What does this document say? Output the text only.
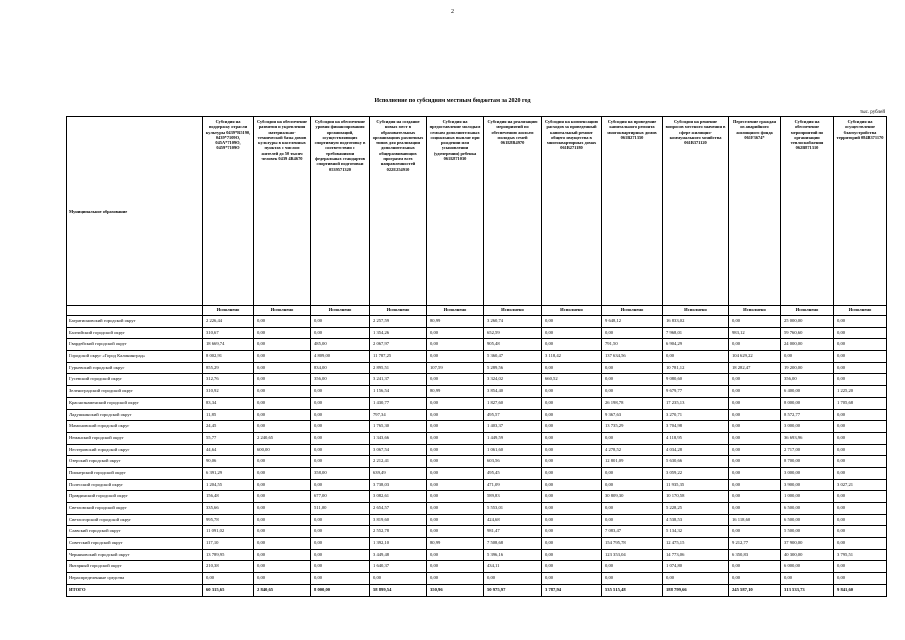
2
Исполнение по субсидиям местным бюджетам за 2020 год
тыс. рублей
Муниципальное образование	Субсидия на поддержку отрасли культуры 0439*R5190, 0439*7109О, 045А*7109О, 0459*7109О	Субсидия на обеспечение развития и укрепления материально-технической базы домов культуры в населенных пунктах с числом жителей до 50 тысяч человек 0439 4R4670	Субсидия на обеспечение уровня финансирования организаций, осуществляющих спортивную подготовку в соответствии с требованиями федеральных стандартов спортивной подготовки 0539571320	Субсидия на создание новых мест в образовательных организациях различных типов для реализации дополнительных общеразвивающих программ всех направленностей 022Е254910	Субсидия на предоставление молодым семьям дополнительных социальных выплат при рождении или усыновлении (удочерении) ребенка 061Б871030	Субсидия на реализацию мероприятий по обеспечению жильем молодых семей 061Б8R4970	Субсидия на компенсацию расходов за проведенный капитальный ремонт общего имущества в многоквартирных домах 061В271180	Субсидия на проведение капитального ремонта многоквартирных домов 061В271350	Субсидия на решение вопросов местного значения в сфере жилищно-коммунального хозяйства 061В371120	Переселение граждан из аварийного жилищного фонда 061F3674*	Субсидия на обеспечение мероприятий по организации теплоснабжения 062В871310	Субсидия на осуществление благоустройства территорий 084В371170
	Исполнено	Исполнено	Исполнено	Исполнено	Исполнено	Исполнено	Исполнено	Исполнено	Исполнено	Исполнено	Исполнено	Исполнено
Багратионовский городской округ	2 226,44	0,00	0,00	2 257,59	80,99	3 260,74	0,00	9 648,12	16 833,02	0,00	25 000,00	0,00
Балтийский городской округ	310,67	0,00	0,00	1 354,26	0,00	652,59	0,00	0,00	7 968,01	983,12	59 760,60	0,00
Гвардейский городской округ	18 669,74	0,00	485,00	2 067,97	0,00	905,48	0,00	791,50	6 904,29	0,00	24 000,00	0,00
Городской округ «Город Калининград»	8 002,91	0,00	4 809,00	11 787,25	0,00	5 360,47	3 118,42	137 634,56	0,00	104 629,22	0,00	0,00
Гурьевский городской округ	855,29	0,00	834,00	2 895,51	107,59	5 289,56	0,00	0,00	10 781,12	18 282,47	19 200,00	0,00
Гусевский городской округ	312,76	0,00	356,00	3 241,37	0,00	3 324,02	660,52	0,00	9 080,60	0,00	356,00	0,00
Зеленоградский городской округ	310,92	0,00	0,00	1 156,54	80,99	3 854,40	0,00	0,00	9 679,77	0,00	6 400,00	1 225,20
Краснознаменский городской округ	83,34	0,00	0,00	1 430,77	0,00	1 827,60	0,00	26 198,78	17 235,13	0,00	8 000,00	1 705,68
Ладушкинский городской округ	11,85	0,00	0,00	797,34	0,00	495,57	0,00	9 367,63	3 270,71	0,00	8 572,77	0,00
Мамоновский городской округ	24,45	0,00	0,00	1 765,30	0,00	1 403,37	0,00	13 735,29	3 704,98	0,00	3 000,00	0,00
Неманский городской округ	55,77	2 240,65	0,00	1 343,66	0,00	1 449,59	0,00	0,00	4 118,95	0,00	36 693,96	0,00
Нестеровский городской округ	44,64	600,00	0,00	3 067,54	0,00	1 061,60	0,00	4 278,52	4 034,28	0,00	2 717,00	0,00
Озерский городской округ	90,06	0,00	0,00	2 212,41	0,00	603,56	0,00	12 801,09	5 630,66	0,00	8 700,00	0,00
Пионерский городской округ	6 391,29	0,00	358,00	639,49	0,00	495,45	0,00	0,00	3 059,22	0,00	3 000,00	0,00
Полесский городской округ	1 204,55	0,00	0,00	3 738,03	0,00	471,09	0,00	0,00	11 935,35	0,00	3 900,00	3 027,21
Правдинский городской округ	156,48	0,00	677,00	3 082,61	0,00	589,83	0,00	30 809,30	10 170,58	0,00	1 000,00	0,00
Светловский городской округ	335,66	0,00	511,00	2 654,57	0,00	5 553,01	0,00	0,00	5 228,25	0,00	6 500,00	0,00
Светлогорский городской округ	995,78	0,00	0,00	3 819,60	0,00	424,68	0,00	0,00	4 538,53	16 118,60	6 500,00	0,00
Славский городской округ	11 091,02	0,00	0,00	2 552,78	0,00	981,47	0,00	7 083,47	5 134,32	0,00	5 500,00	0,00
Советский городской округ	117,10	0,00	0,00	1 392,10	80,99	7 508,68	0,00	154 795,78	12 475,15	9 212,77	37 900,00	0,00
Черняховский городской округ	13 789,95	0,00	0,00	3 449,48	0,00	5 396,16	0,00	123 353,04	14 773,06	6 350,83	40 300,00	3 795,51
Янтарный городской округ	210,38	0,00	0,00	1 640,37	0,00	434,11	0,00	0,00	1 074,80	0,00	6 000,00	0,00
Нераспределенные средства	0,00	0,00	0,00	0,00	0,00	0,00	0,00	0,00	0,00	0,00	0,00	0,00
ИТОГО	60 315,65	2 840,65	8 000,00	58 899,54	350,96	50 975,97	3 787,94	535 515,48	188 799,66	245 587,10	313 533,73	9 841,60
